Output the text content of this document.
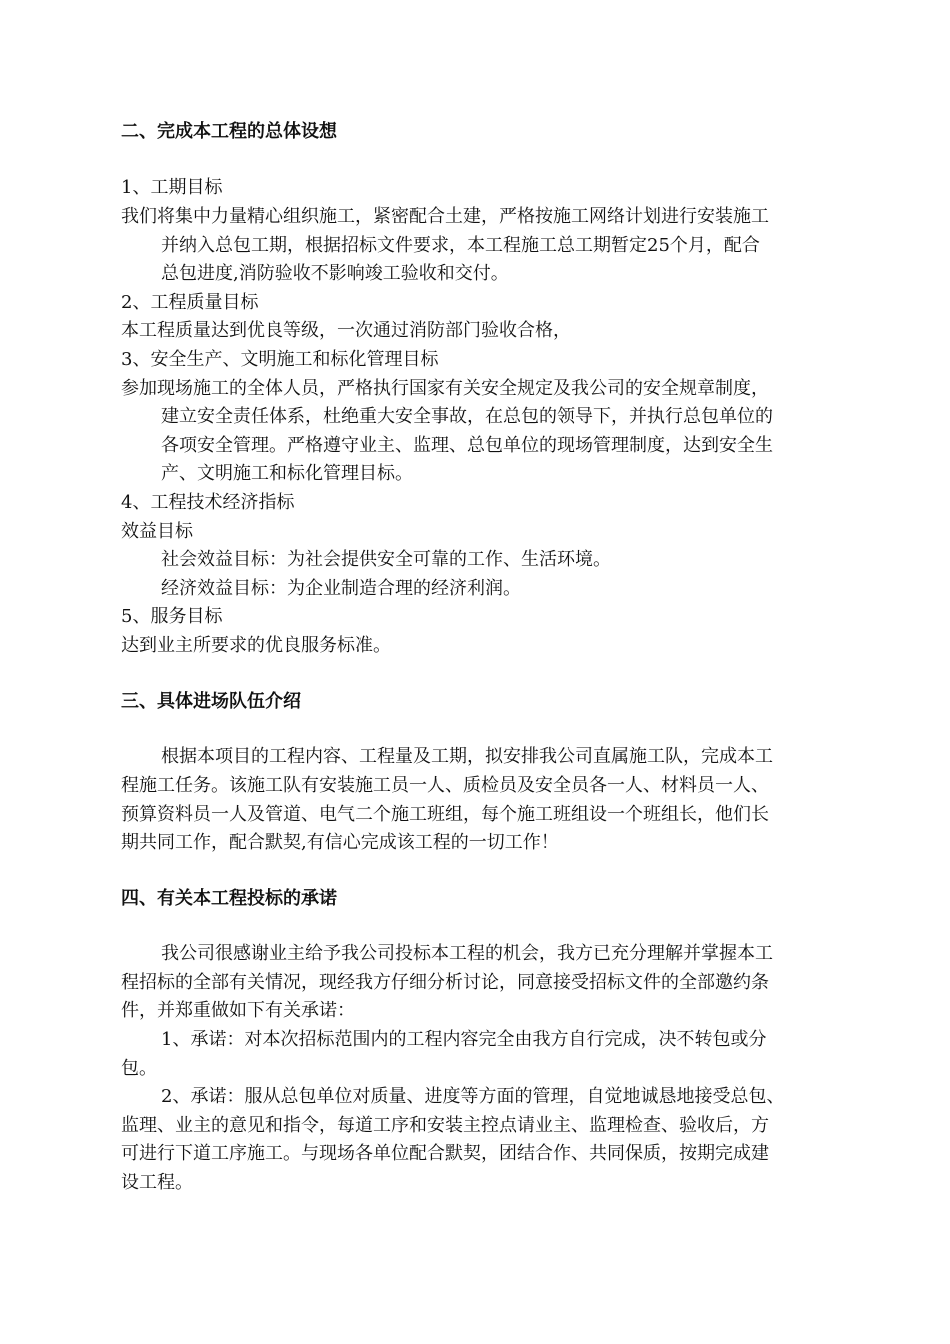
二、完成本工程的总体设想
1、工期目标
我们将集中力量精心组织施工，紧密配合土建，严格按施工网络计划进行安装施工
并纳入总包工期，根据招标文件要求，本工程施工总工期暂定25个月，配合
总包进度,消防验收不影响竣工验收和交付。
2、工程质量目标
本工程质量达到优良等级，一次通过消防部门验收合格，
3、安全生产、文明施工和标化管理目标
参加现场施工的全体人员，严格执行国家有关安全规定及我公司的安全规章制度，
建立安全责任体系，杜绝重大安全事故，在总包的领导下，并执行总包单位的
各项安全管理。严格遵守业主、监理、总包单位的现场管理制度，达到安全生
产、文明施工和标化管理目标。
4、工程技术经济指标
效益目标
社会效益目标：为社会提供安全可靠的工作、生活环境。
经济效益目标：为企业制造合理的经济利润。
5、服务目标
达到业主所要求的优良服务标准。
三、具体进场队伍介绍
根据本项目的工程内容、工程量及工期，拟安排我公司直属施工队，完成本工
程施工任务。该施工队有安装施工员一人、质检员及安全员各一人、材料员一人、
预算资料员一人及管道、电气二个施工班组，每个施工班组设一个班组长，他们长
期共同工作，配合默契,有信心完成该工程的一切工作！
四、有关本工程投标的承诺
我公司很感谢业主给予我公司投标本工程的机会，我方已充分理解并掌握本工
程招标的全部有关情况，现经我方仔细分析讨论，同意接受招标文件的全部邀约条
件，并郑重做如下有关承诺：
1、承诺：对本次招标范围内的工程内容完全由我方自行完成，决不转包或分
包。
2、承诺：服从总包单位对质量、进度等方面的管理，自觉地诚恳地接受总包、
监理、业主的意见和指令，每道工序和安装主控点请业主、监理检查、验收后，方
可进行下道工序施工。与现场各单位配合默契，团结合作、共同保质，按期完成建
设工程。
